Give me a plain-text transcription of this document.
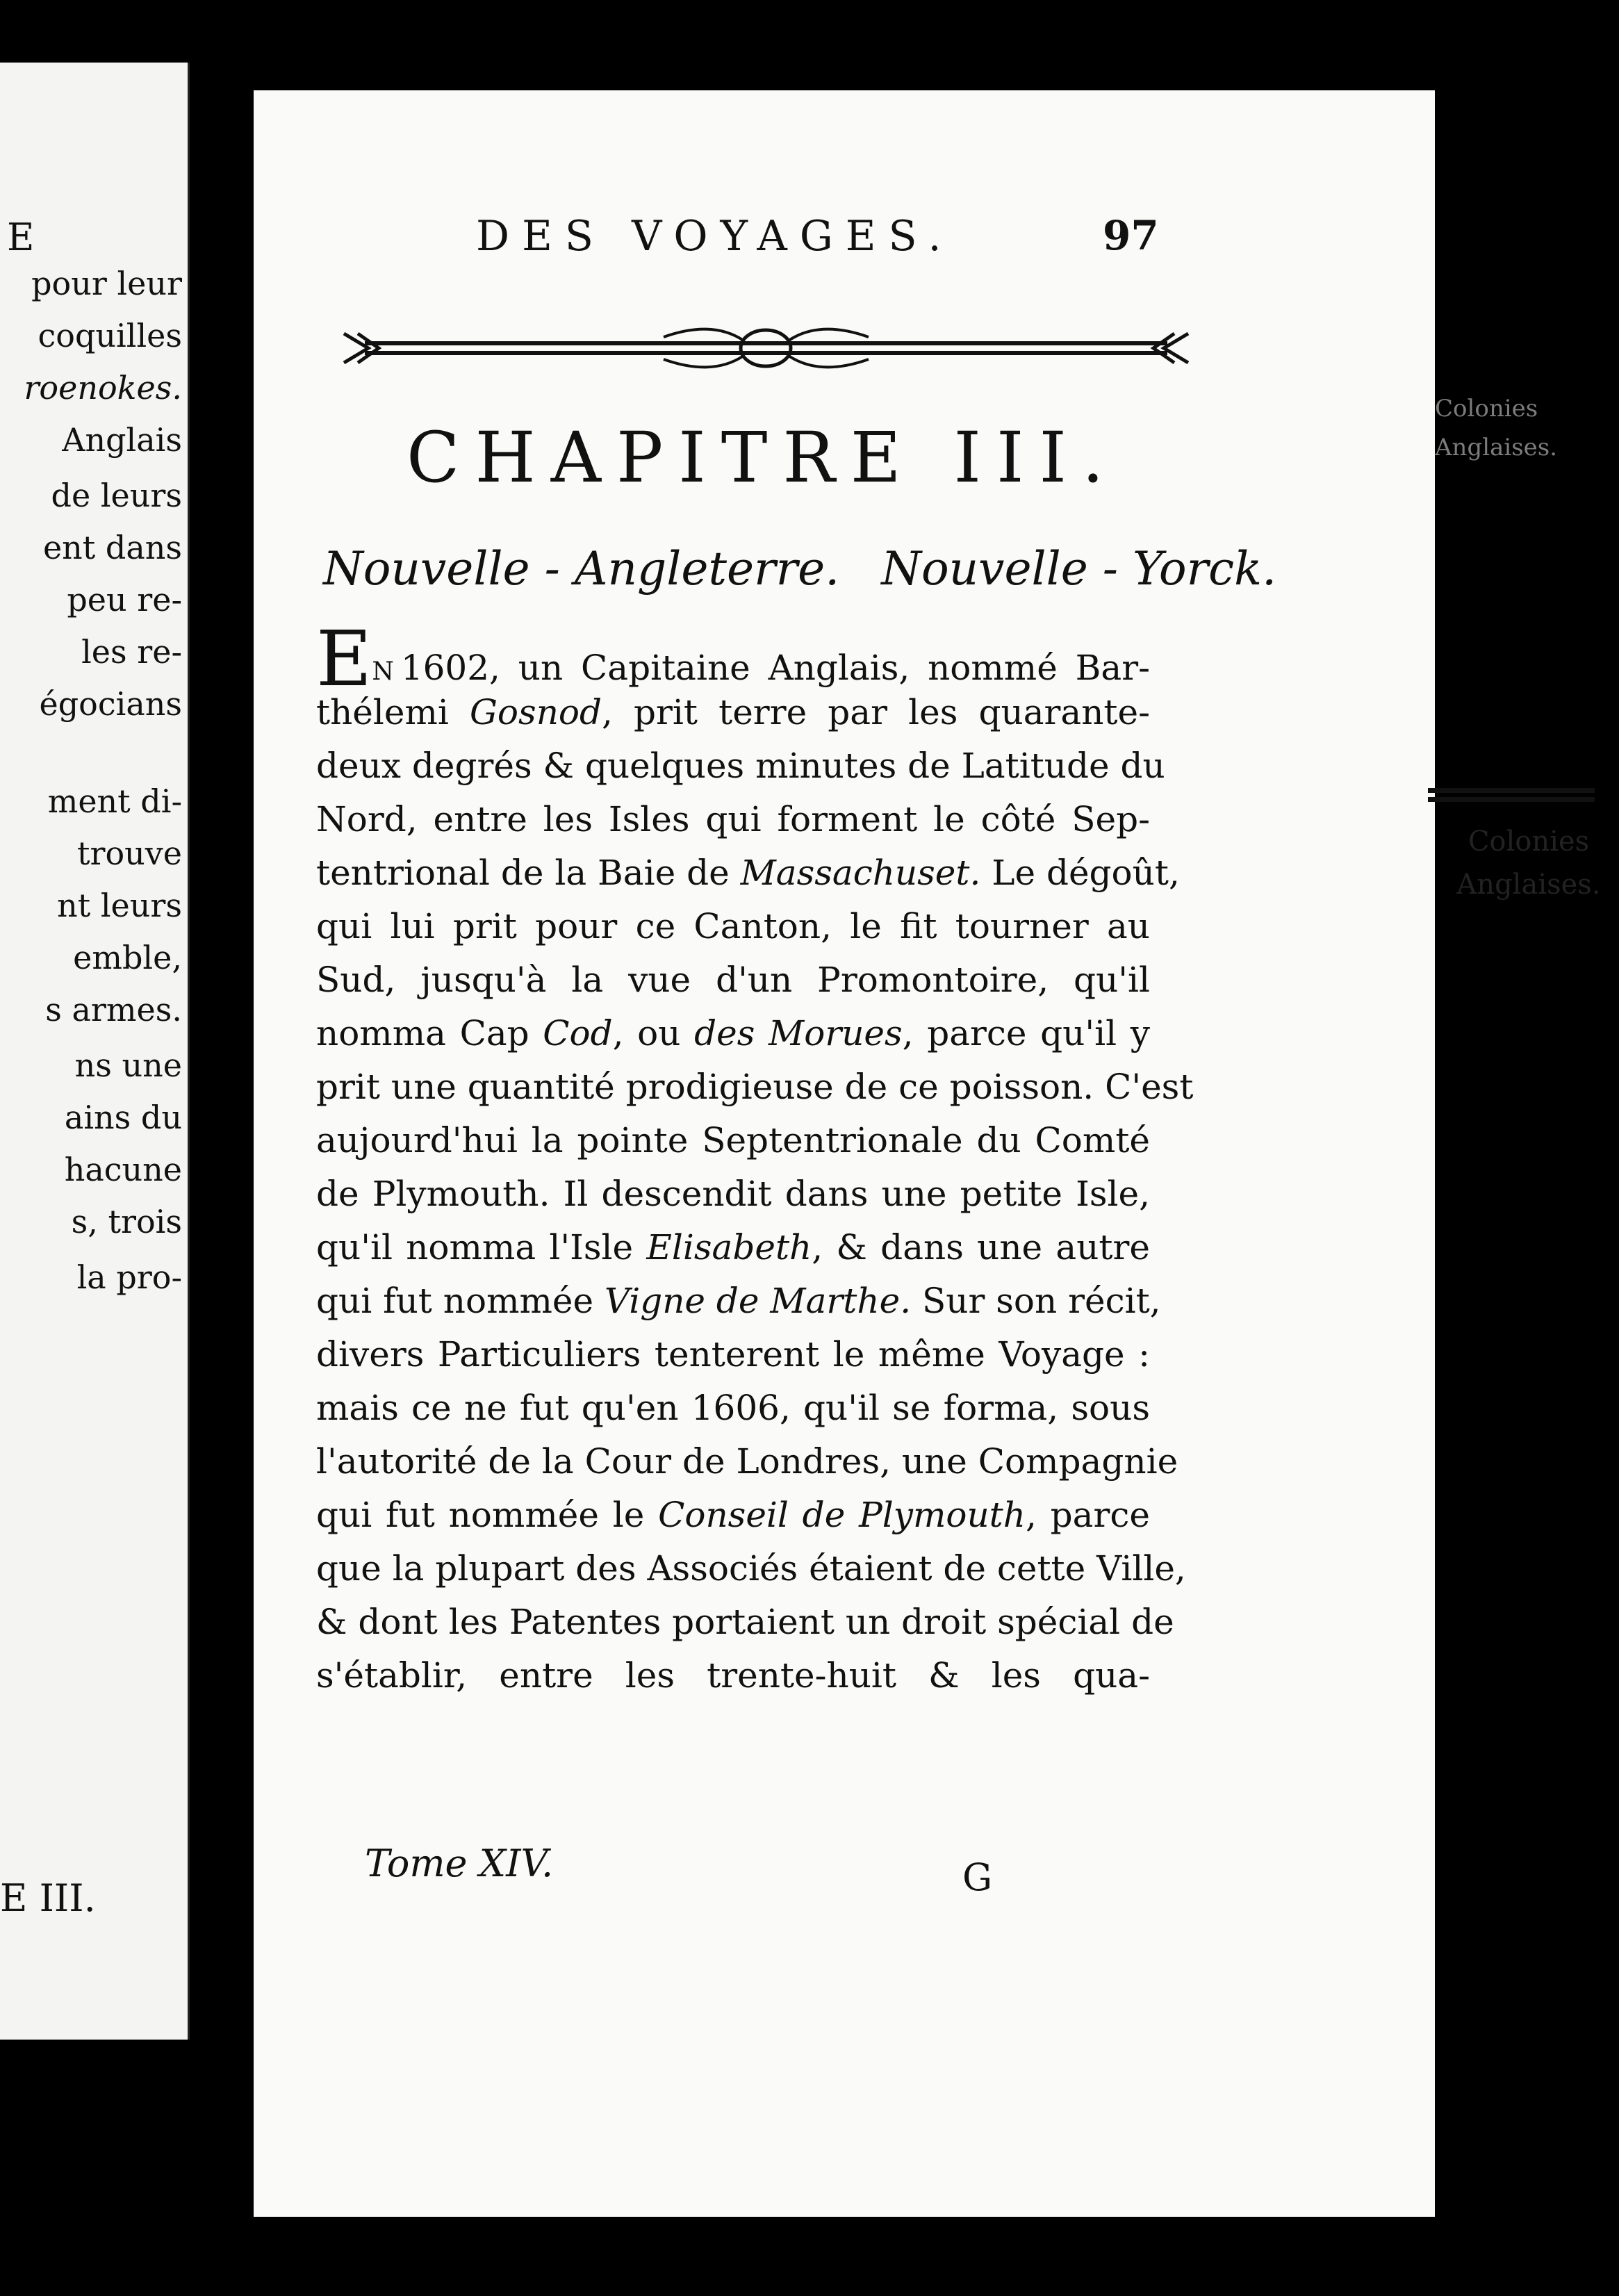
E
pour leur
coquilles
roenokes.
Anglais
de leurs
ent dans
peu re-
les re-
égocians
ment di-
trouve
nt leurs
emble,
s armes.
ns une
ains du
hacune
s, trois
la pro-
E III.
DES VOYAGES.	97
CHAPITRE III.
Nouvelle - Angleterre. Nouvelle - Yorck.
EN 1602, un Capitaine Anglais, nommé Bar-
thélemi Gosnod, prit terre par les quarante-
deux degrés & quelques minutes de Latitude du
Nord, entre les Isles qui forment le côté Sep-
tentrional de la Baie de Massachuset. Le dégoût,
qui lui prit pour ce Canton, le fit tourner au
Sud, jusqu'à la vue d'un Promontoire, qu'il
nomma Cap Cod, ou des Morues, parce qu'il y
prit une quantité prodigieuse de ce poisson. C'est
aujourd'hui la pointe Septentrionale du Comté
de Plymouth. Il descendit dans une petite Isle,
qu'il nomma l'Isle Elisabeth, & dans une autre
qui fut nommée Vigne de Marthe. Sur son récit,
divers Particuliers tenterent le même Voyage :
mais ce ne fut qu'en 1606, qu'il se forma, sous
l'autorité de la Cour de Londres, une Compagnie
qui fut nommée le Conseil de Plymouth, parce
que la plupart des Associés étaient de cette Ville,
& dont les Patentes portaient un droit spécial de
s'établir, entre les trente-huit & les qua-
Tome XIV.	G
Colonies
Anglaises.
Colonies
Anglaises.
